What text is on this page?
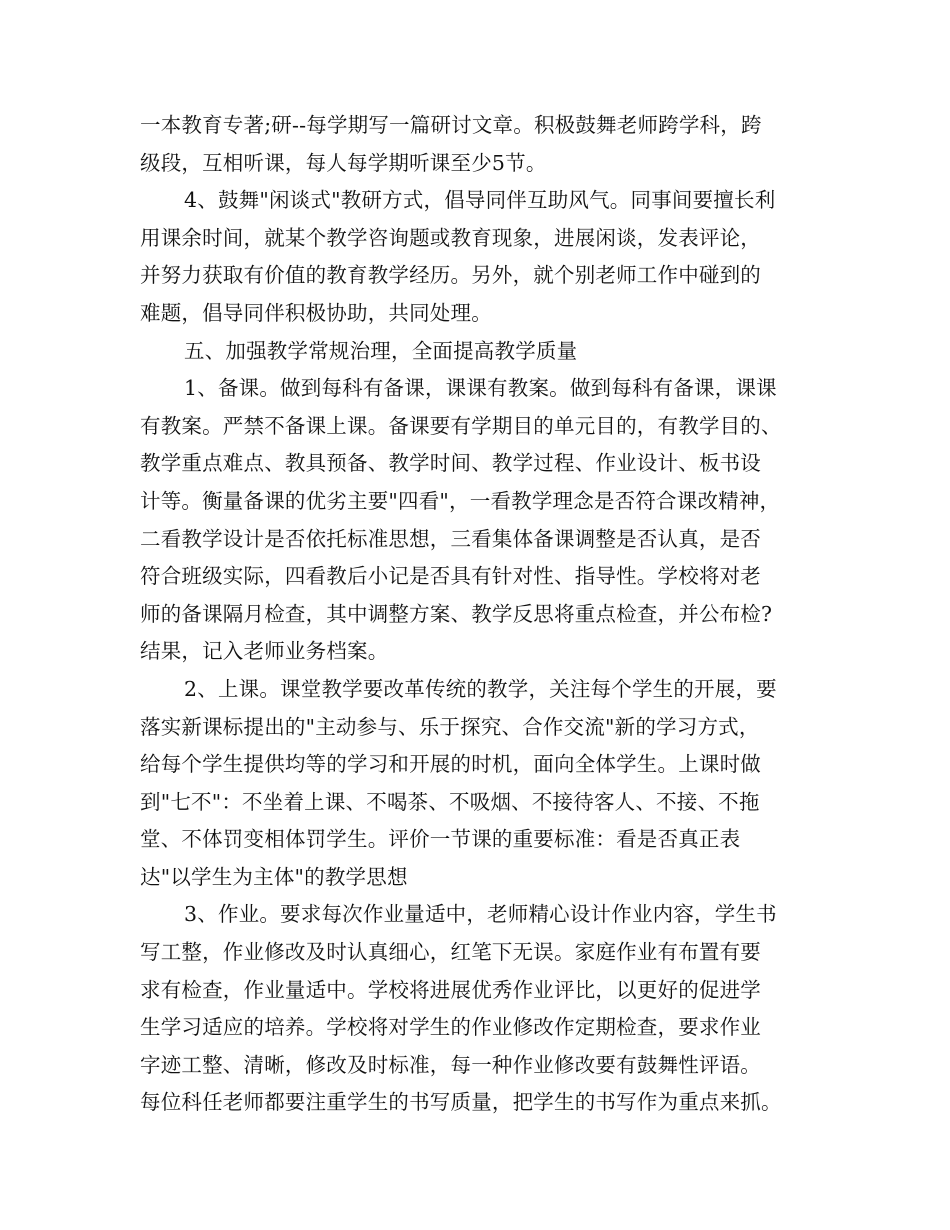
一本教育专著;研--每学期写一篇研讨文章。积极鼓舞老师跨学科，跨
级段，互相听课，每人每学期听课至少5节。
4、鼓舞"闲谈式"教研方式，倡导同伴互助风气。同事间要擅长利
用课余时间，就某个教学咨询题或教育现象，进展闲谈，发表评论，
并努力获取有价值的教育教学经历。另外，就个别老师工作中碰到的
难题，倡导同伴积极协助，共同处理。
五、加强教学常规治理，全面提高教学质量
1、备课。做到每科有备课，课课有教案。做到每科有备课，课课
有教案。严禁不备课上课。备课要有学期目的单元目的，有教学目的、
教学重点难点、教具预备、教学时间、教学过程、作业设计、板书设
计等。衡量备课的优劣主要"四看"，一看教学理念是否符合课改精神，
二看教学设计是否依托标准思想，三看集体备课调整是否认真，是否
符合班级实际，四看教后小记是否具有针对性、指导性。学校将对老
师的备课隔月检查，其中调整方案、教学反思将重点检查，并公布检?
结果，记入老师业务档案。
2、上课。课堂教学要改革传统的教学，关注每个学生的开展，要
落实新课标提出的"主动参与、乐于探究、合作交流"新的学习方式，
给每个学生提供均等的学习和开展的时机，面向全体学生。上课时做
到"七不"：不坐着上课、不喝茶、不吸烟、不接待客人、不接、不拖
堂、不体罚变相体罚学生。评价一节课的重要标准：看是否真正表
达"以学生为主体"的教学思想
3、作业。要求每次作业量适中，老师精心设计作业内容，学生书
写工整，作业修改及时认真细心，红笔下无误。家庭作业有布置有要
求有检查，作业量适中。学校将进展优秀作业评比，以更好的促进学
生学习适应的培养。学校将对学生的作业修改作定期检查，要求作业
字迹工整、清晰，修改及时标准，每一种作业修改要有鼓舞性评语。
每位科任老师都要注重学生的书写质量，把学生的书写作为重点来抓。
